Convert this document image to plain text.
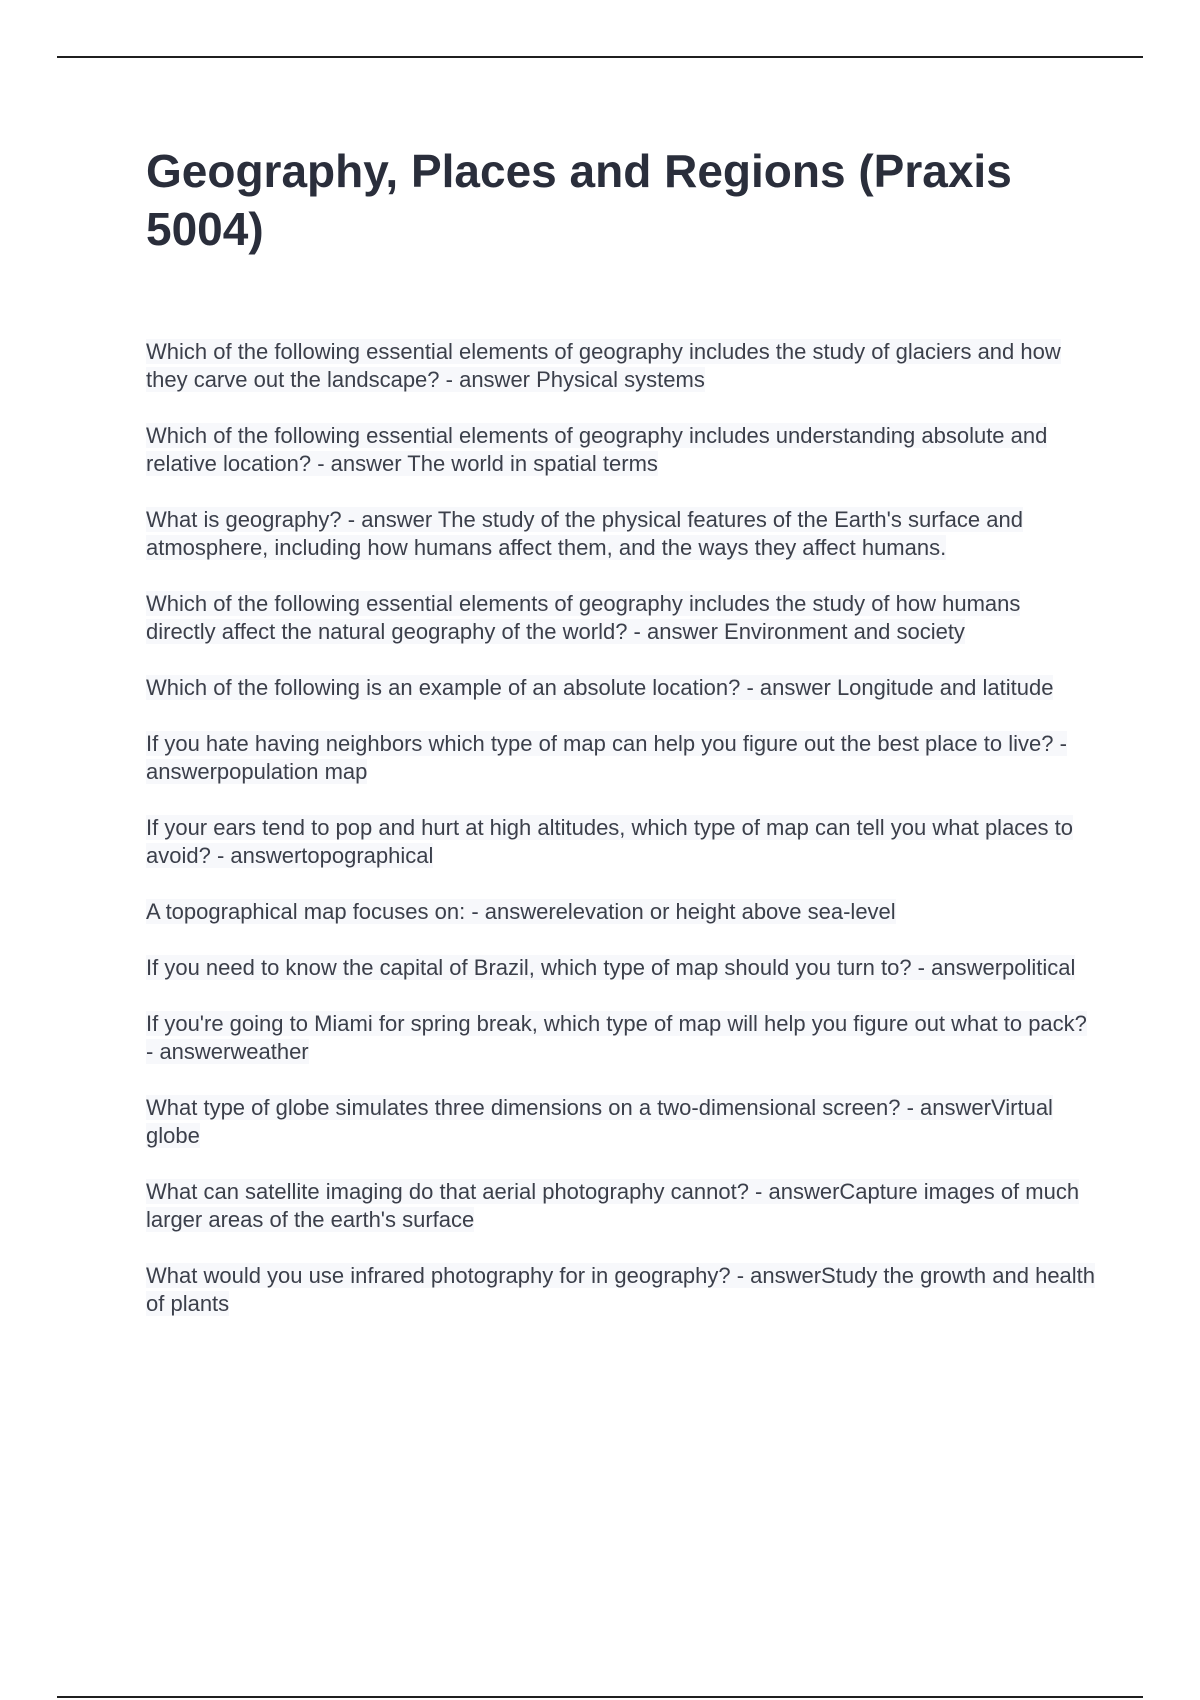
Geography, Places and Regions (Praxis 5004)
Which of the following essential elements of geography includes the study of glaciers and how they carve out the landscape? - answer Physical systems
Which of the following essential elements of geography includes understanding absolute and relative location? - answer The world in spatial terms
What is geography? - answer The study of the physical features of the Earth's surface and atmosphere, including how humans affect them, and the ways they affect humans.
Which of the following essential elements of geography includes the study of how humans directly affect the natural geography of the world? - answer Environment and society
Which of the following is an example of an absolute location? - answer Longitude and latitude
If you hate having neighbors which type of map can help you figure out the best place to live? - answerpopulation map
If your ears tend to pop and hurt at high altitudes, which type of map can tell you what places to avoid? - answertopographical
A topographical map focuses on: - answerelevation or height above sea-level
If you need to know the capital of Brazil, which type of map should you turn to? - answerpolitical
If you're going to Miami for spring break, which type of map will help you figure out what to pack? - answerweather
What type of globe simulates three dimensions on a two-dimensional screen? - answerVirtual globe
What can satellite imaging do that aerial photography cannot? - answerCapture images of much larger areas of the earth's surface
What would you use infrared photography for in geography? - answerStudy the growth and health of plants
